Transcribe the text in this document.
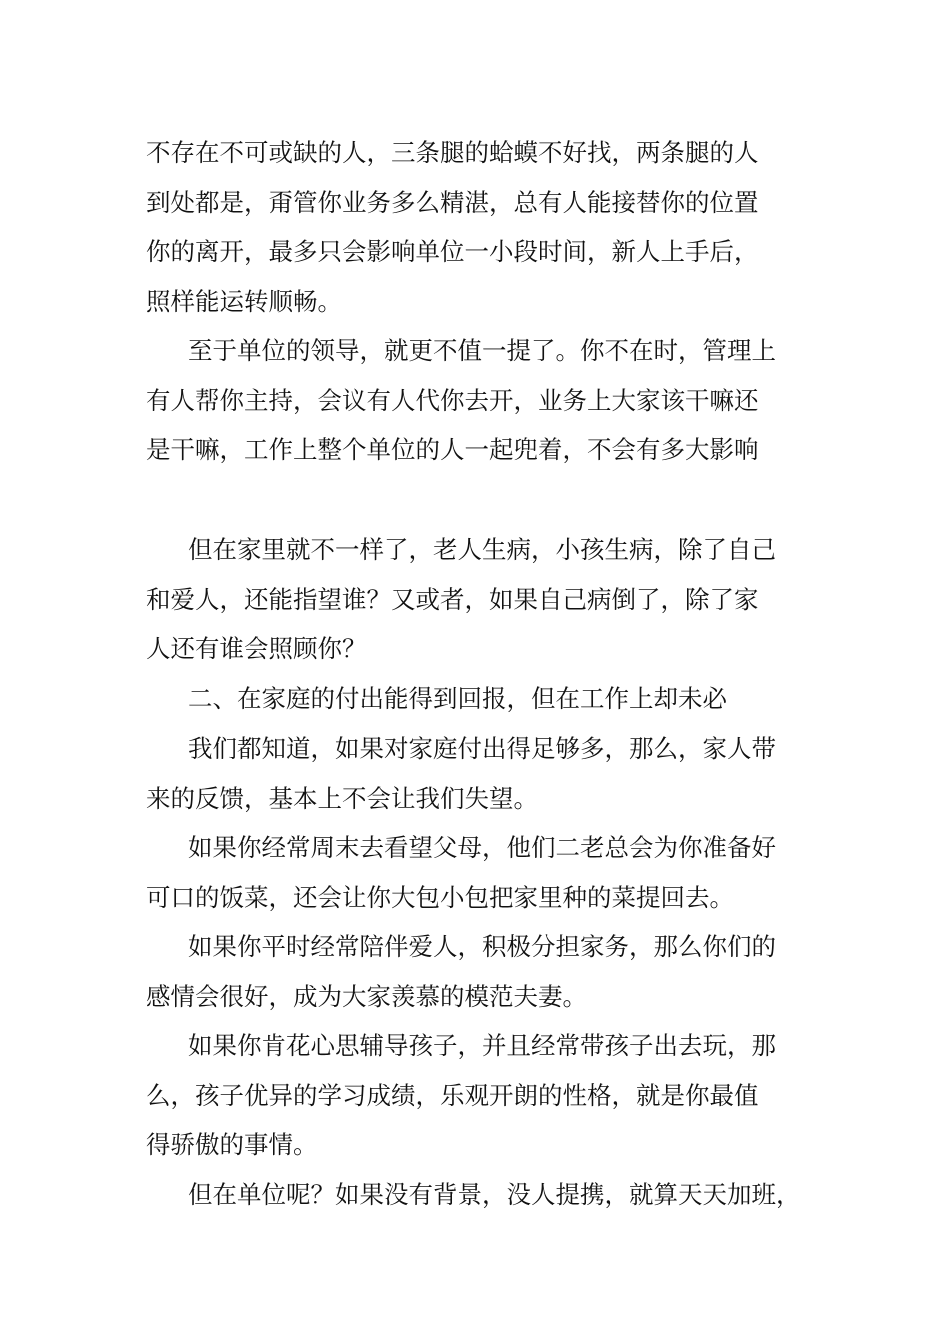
不存在不可或缺的人，三条腿的蛤蟆不好找，两条腿的人
到处都是，甭管你业务多么精湛，总有人能接替你的位置
你的离开，最多只会影响单位一小段时间，新人上手后，
照样能运转顺畅。

至于单位的领导，就更不值一提了。你不在时，管理上
有人帮你主持，会议有人代你去开，业务上大家该干嘛还
是干嘛，工作上整个单位的人一起兜着，不会有多大影响

但在家里就不一样了，老人生病，小孩生病，除了自己
和爱人，还能指望谁？又或者，如果自己病倒了，除了家
人还有谁会照顾你？

二、在家庭的付出能得到回报，但在工作上却未必

我们都知道，如果对家庭付出得足够多，那么，家人带
来的反馈，基本上不会让我们失望。

如果你经常周末去看望父母，他们二老总会为你准备好
可口的饭菜，还会让你大包小包把家里种的菜提回去。

如果你平时经常陪伴爱人，积极分担家务，那么你们的
感情会很好，成为大家羡慕的模范夫妻。

如果你肯花心思辅导孩子，并且经常带孩子出去玩，那
么，孩子优异的学习成绩，乐观开朗的性格，就是你最值
得骄傲的事情。

但在单位呢？如果没有背景，没人提携，就算天天加班，
